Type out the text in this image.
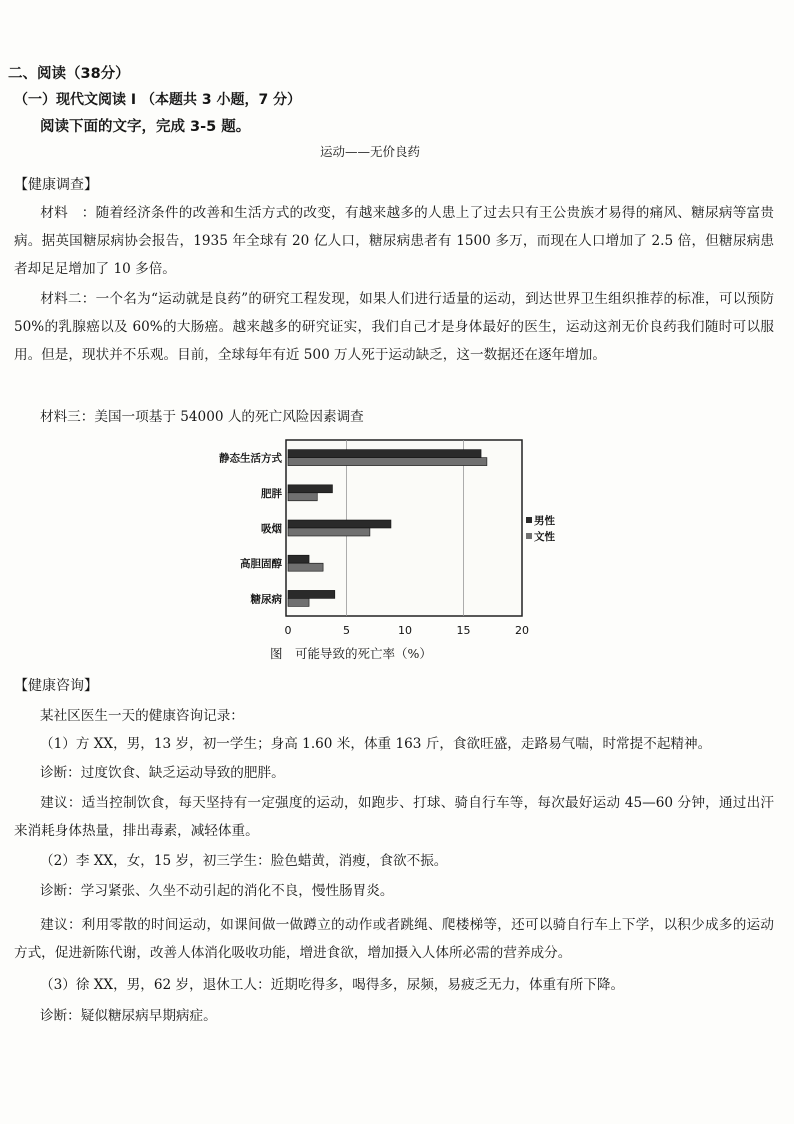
二、阅读（38分）
（一）现代文阅读 I （本题共 3 小题，7 分）
阅读下面的文字，完成 3-5 题。
运动——无价良药
【健康调查】
材料　：随着经济条件的改善和生活方式的改变，有越来越多的人患上了过去只有王公贵族才易得的痛风、糖尿病等富贵病。据英国糖尿病协会报告，1935 年全球有 20 亿人口，糖尿病患者有 1500 多万，而现在人口增加了 2.5 倍，但糖尿病患者却足足增加了 10 多倍。
材料二：一个名为“运动就是良药”的研究工程发现，如果人们进行适量的运动，到达世界卫生组织推荐的标准，可以预防 50%的乳腺癌以及 60%的大肠癌。越来越多的研究证实，我们自己才是身体最好的医生，运动这剂无价良药我们随时可以服用。但是，现状并不乐观。目前，全球每年有近 500 万人死于运动缺乏，这一数据还在逐年增加。
材料三：美国一项基于 54000 人的死亡风险因素调查
静态生活方式
肥胖
吸烟
高胆固醇
糖尿病
0	5	10	15	20
男性
文性
图　可能导致的死亡率（%）
【健康咨询】
某社区医生一天的健康咨询记录：
（1）方 XX，男，13 岁，初一学生；身高 1.60 米，体重 163 斤，食欲旺盛，走路易气喘，时常提不起精神。
诊断：过度饮食、缺乏运动导致的肥胖。
建议：适当控制饮食，每天坚持有一定强度的运动，如跑步、打球、骑自行车等，每次最好运动 45—60 分钟，通过出汗来消耗身体热量，排出毒素，减轻体重。
（2）李 XX，女，15 岁，初三学生：脸色蜡黄，消瘦，食欲不振。
诊断：学习紧张、久坐不动引起的消化不良，慢性肠胃炎。
建议：利用零散的时间运动，如课间做一做蹲立的动作或者跳绳、爬楼梯等，还可以骑自行车上下学，以积少成多的运动方式，促进新陈代谢，改善人体消化吸收功能，增进食欲，增加摄入人体所必需的营养成分。
（3）徐 XX，男，62 岁，退休工人：近期吃得多，喝得多，尿频，易疲乏无力，体重有所下降。
诊断：疑似糖尿病早期病症。
